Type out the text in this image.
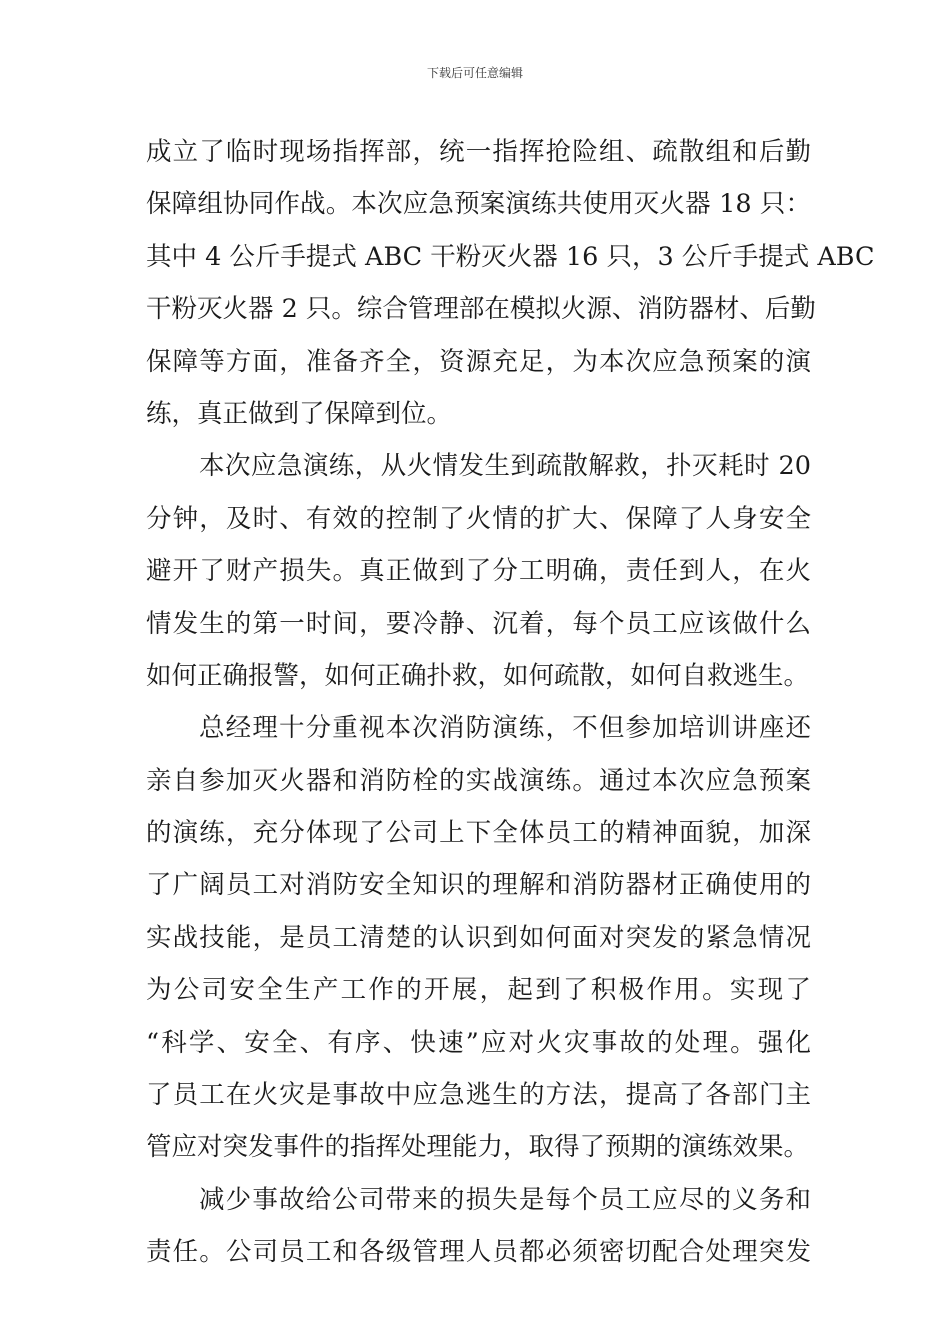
下载后可任意编辑
成立了临时现场指挥部，统一指挥抢险组、疏散组和后勤
保障组协同作战。本次应急预案演练共使用灭火器 18 只：
其中 4 公斤手提式 ABC 干粉灭火器 16 只，3 公斤手提式 ABC
干粉灭火器 2 只。综合管理部在模拟火源、消防器材、后勤
保障等方面，准备齐全，资源充足，为本次应急预案的演
练，真正做到了保障到位。
本次应急演练，从火情发生到疏散解救，扑灭耗时 20
分钟，及时、有效的控制了火情的扩大、保障了人身安全
避开了财产损失。真正做到了分工明确，责任到人，在火
情发生的第一时间，要冷静、沉着，每个员工应该做什么
如何正确报警，如何正确扑救，如何疏散，如何自救逃生。
总经理十分重视本次消防演练，不但参加培训讲座还
亲自参加灭火器和消防栓的实战演练。通过本次应急预案
的演练，充分体现了公司上下全体员工的精神面貌，加深
了广阔员工对消防安全知识的理解和消防器材正确使用的
实战技能，是员工清楚的认识到如何面对突发的紧急情况
为公司安全生产工作的开展，起到了积极作用。实现了
“科学、安全、有序、快速”应对火灾事故的处理。强化
了员工在火灾是事故中应急逃生的方法，提高了各部门主
管应对突发事件的指挥处理能力，取得了预期的演练效果。
减少事故给公司带来的损失是每个员工应尽的义务和
责任。公司员工和各级管理人员都必须密切配合处理突发
